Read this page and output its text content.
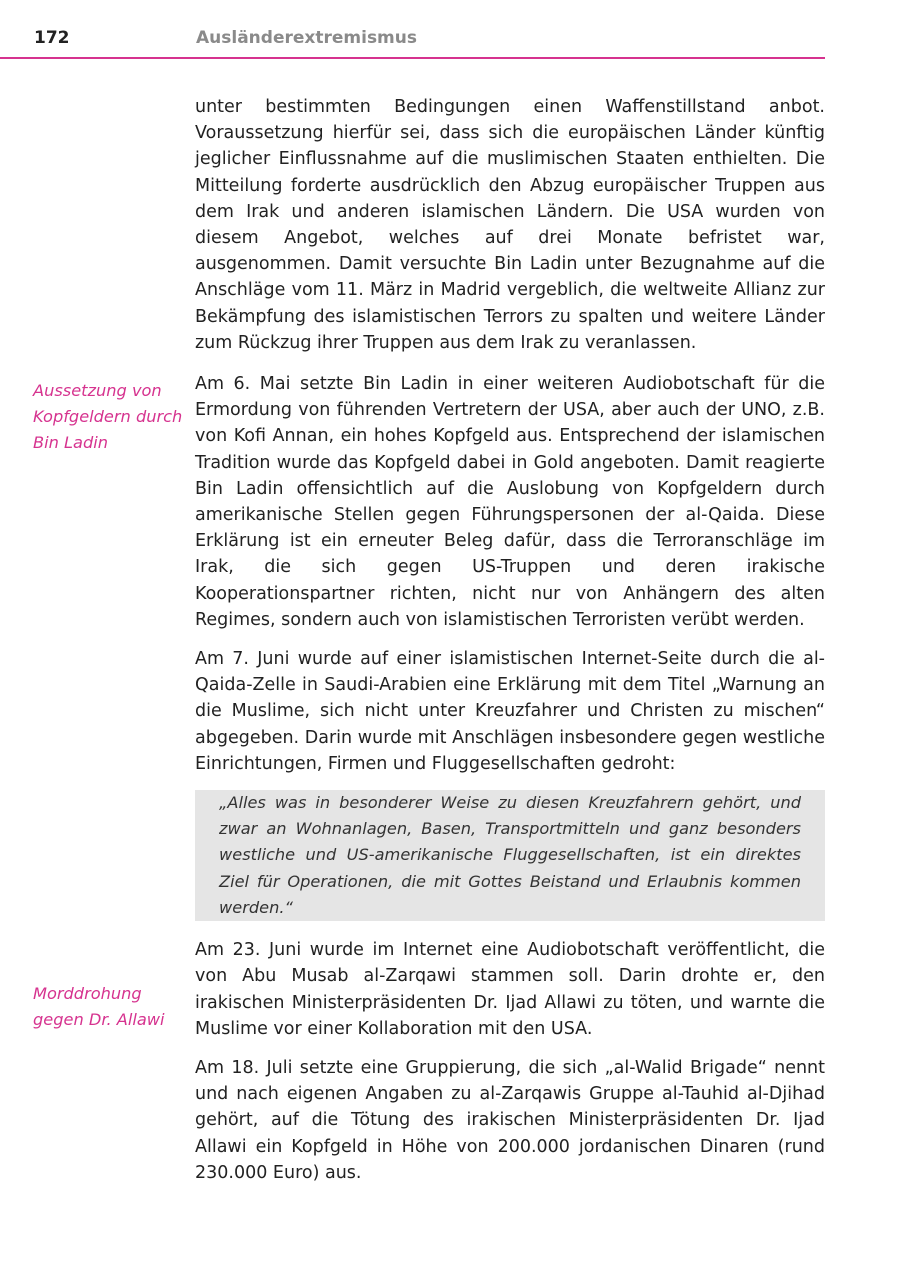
172	Ausländerextremismus
Aussetzung von
Kopfgeldern durch
Bin Ladin
Morddrohung
gegen Dr. Allawi

unter bestimmten Bedingungen einen Waffenstillstand anbot. Voraussetzung hierfür sei, dass sich die europäischen Länder künftig jeglicher Einflussnahme auf die muslimischen Staaten enthielten. Die Mitteilung forderte ausdrücklich den Abzug europäischer Truppen aus dem Irak und anderen islamischen Ländern. Die USA wurden von diesem Angebot, welches auf drei Monate befristet war, ausgenommen. Damit versuchte Bin Ladin unter Bezugnahme auf die Anschläge vom 11. März in Madrid vergeblich, die weltweite Allianz zur Bekämpfung des islamistischen Terrors zu spalten und weitere Länder zum Rückzug ihrer Truppen aus dem Irak zu veranlassen.

Am 6. Mai setzte Bin Ladin in einer weiteren Audiobotschaft für die Ermordung von führenden Vertretern der USA, aber auch der UNO, z.B. von Kofi Annan, ein hohes Kopfgeld aus. Entsprechend der islamischen Tradition wurde das Kopfgeld dabei in Gold angeboten. Damit reagierte Bin Ladin offensichtlich auf die Auslobung von Kopfgeldern durch amerikanische Stellen gegen Führungspersonen der al-Qaida. Diese Erklärung ist ein erneuter Beleg dafür, dass die Terroranschläge im Irak, die sich gegen US-Truppen und deren irakische Kooperationspartner richten, nicht nur von Anhängern des alten Regimes, sondern auch von islamistischen Terroristen verübt werden.

Am 7. Juni wurde auf einer islamistischen Internet-Seite durch die al-Qaida-Zelle in Saudi-Arabien eine Erklärung mit dem Titel „Warnung an die Muslime, sich nicht unter Kreuzfahrer und Christen zu mischen“ abgegeben. Darin wurde mit Anschlägen insbesondere gegen westliche Einrichtungen, Firmen und Fluggesellschaften gedroht:

„Alles was in besonderer Weise zu diesen Kreuzfahrern gehört, und zwar an Wohnanlagen, Basen, Transportmitteln und ganz besonders westliche und US-amerikanische Fluggesellschaften, ist ein direktes Ziel für Operationen, die mit Gottes Beistand und Erlaubnis kommen werden.“

Am 23. Juni wurde im Internet eine Audiobotschaft veröffentlicht, die von Abu Musab al-Zarqawi stammen soll. Darin drohte er, den irakischen Ministerpräsidenten Dr. Ijad Allawi zu töten, und warnte die Muslime vor einer Kollaboration mit den USA.

Am 18. Juli setzte eine Gruppierung, die sich „al-Walid Brigade“ nennt und nach eigenen Angaben zu al-Zarqawis Gruppe al-Tauhid al-Djihad gehört, auf die Tötung des irakischen Ministerpräsidenten Dr. Ijad Allawi ein Kopfgeld in Höhe von 200.000 jordanischen Dinaren (rund 230.000 Euro) aus.
